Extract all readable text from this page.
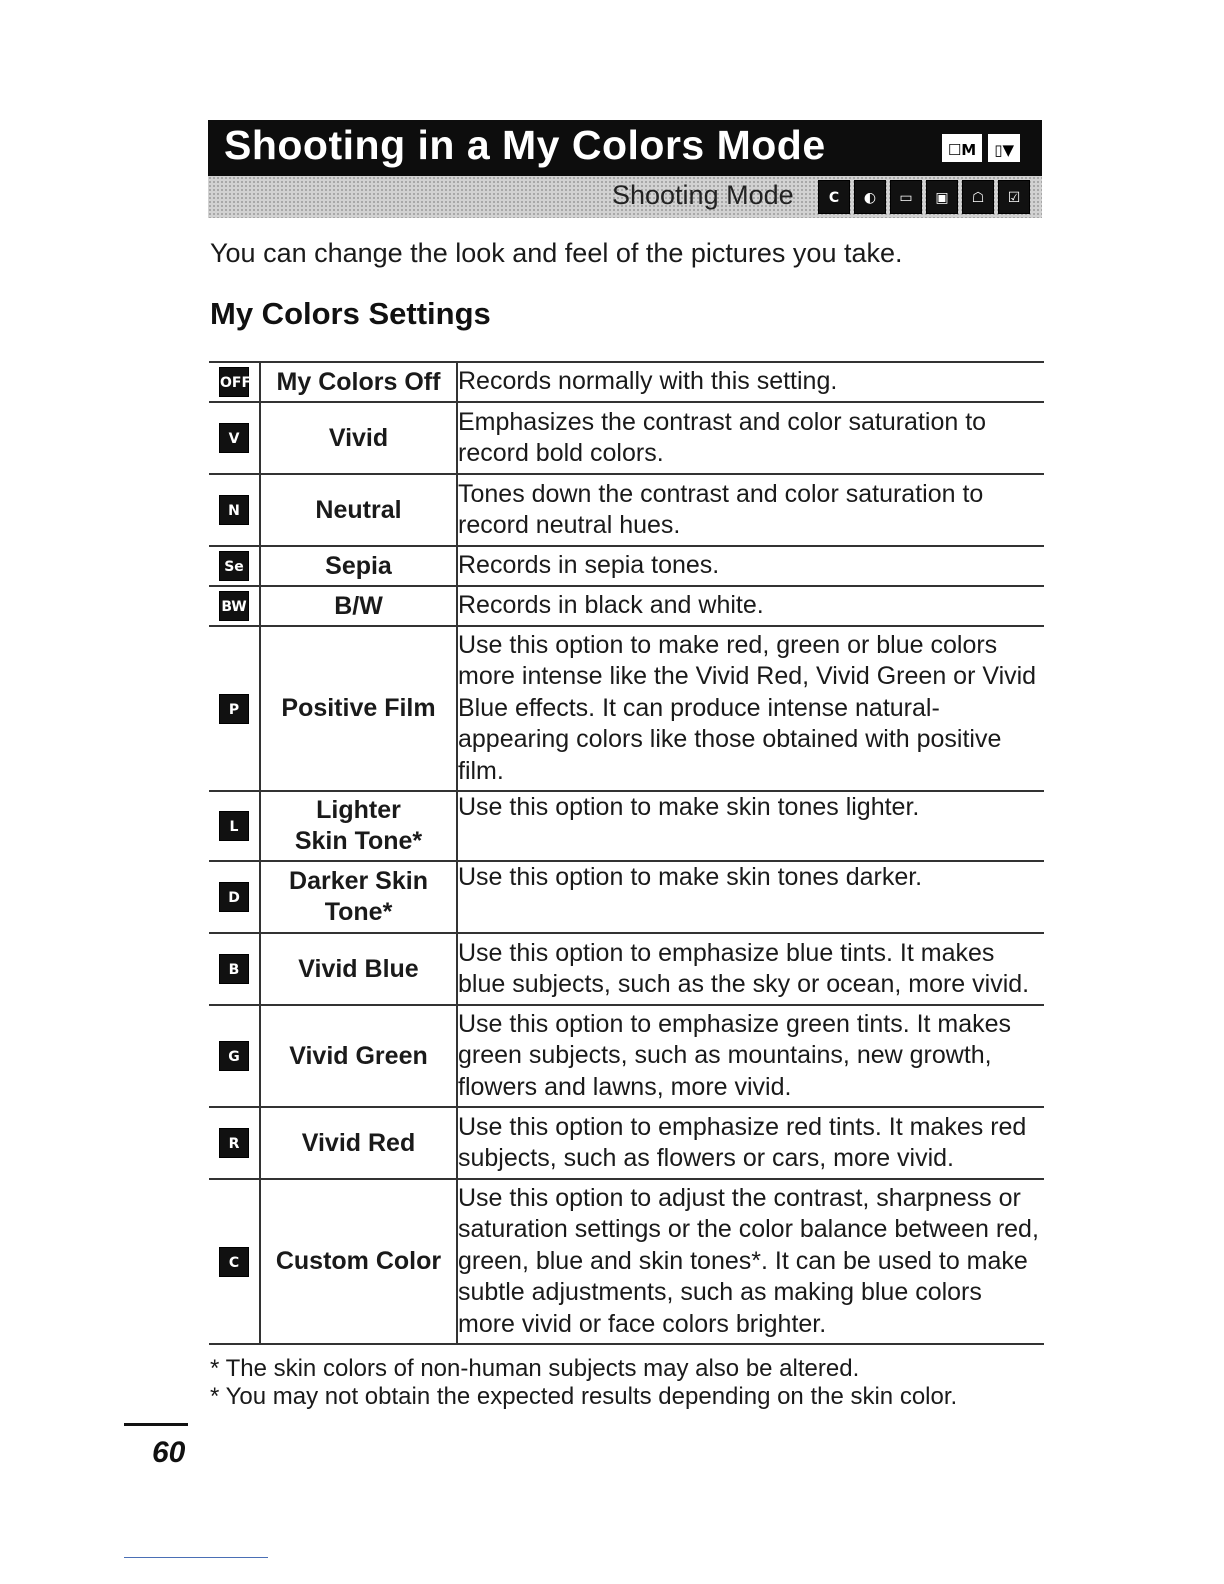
Shooting in a My Colors Mode	☐M	▯▼
Shooting Mode	C	◐	▭	▣	☖	☑
You can change the look and feel of the pictures you take.
My Colors Settings
OFF	My Colors Off	Records normally with this setting.
V	Vivid	Emphasizes the contrast and color saturation to record bold colors.
N	Neutral	Tones down the contrast and color saturation to record neutral hues.
Se	Sepia	Records in sepia tones.
BW	B/W	Records in black and white.
P	Positive Film	Use this option to make red, green or blue colors more intense like the Vivid Red, Vivid Green or Vivid Blue effects. It can produce intense natural-appearing colors like those obtained with positive film.
L	Lighter Skin Tone*	Use this option to make skin tones lighter.
D	Darker Skin Tone*	Use this option to make skin tones darker.
B	Vivid Blue	Use this option to emphasize blue tints. It makes blue subjects, such as the sky or ocean, more vivid.
G	Vivid Green	Use this option to emphasize green tints. It makes green subjects, such as mountains, new growth, flowers and lawns, more vivid.
R	Vivid Red	Use this option to emphasize red tints. It makes red subjects, such as flowers or cars, more vivid.
C	Custom Color	Use this option to adjust the contrast, sharpness or saturation settings or the color balance between red, green, blue and skin tones*. It can be used to make subtle adjustments, such as making blue colors more vivid or face colors brighter.
* The skin colors of non-human subjects may also be altered.
* You may not obtain the expected results depending on the skin color.
60
